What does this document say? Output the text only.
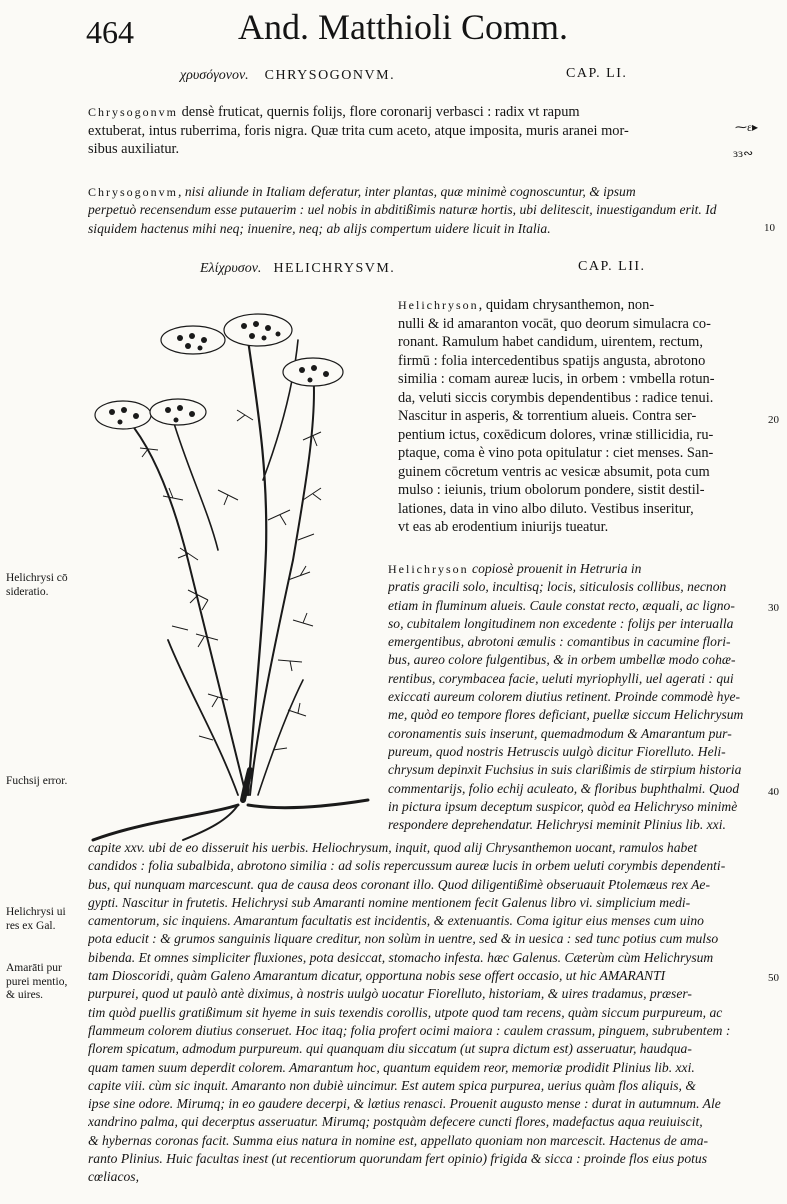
464	And. Matthioli Comm.
χρυσόγονον. CHRYSOGONVM.	CAP. LI.
Chrysogonvm densè fruticat, quernis folijs, flore coronarij verbasci : radix vt rapum
extuberat, intus ruberrima, foris nigra. Quæ trita cum aceto, atque imposita, muris aranei mor-
sibus auxiliatur.
⁓ɛ▸
ɜɜ∾
Chrysogonvm, nisi aliunde in Italiam deferatur, inter plantas, quæ minimè cognoscuntur, & ipsum
perpetuò recensendum esse putauerim : uel nobis in abditißimis naturæ hortis, ubi delitescit, inuestigandum erit. Id
siquidem hactenus mihi neq; inuenire, neq; ab alijs compertum uidere licuit in Italia.	10
Ελίχρυσον. HELICHRYSVM.	CAP. LII.
Helichryson, quidam chrysanthemon, non-
nulli & id amaranton vocāt, quo deorum simulacra co-
ronant. Ramulum habet candidum, uirentem, rectum,
firmū : folia intercedentibus spatijs angusta, abrotono
similia : comam aureæ lucis, in orbem : vmbella rotun-
da, veluti siccis corymbis dependentibus : radice tenui.
Nascitur in asperis, & torrentium alueis. Contra ser-
pentium ictus, coxēdicum dolores, vrinæ stillicidia, ru-
ptaque, coma è vino pota opitulatur : ciet menses. San-
guinem cōcretum ventris ac vesicæ absumit, pota cum
mulso : ieiunis, trium obolorum pondere, sistit destil-
lationes, data in vino albo diluto. Vestibus inseritur,
vt eas ab erodentium iniurijs tueatur.
20
Helichryson copiosè prouenit in Hetruria in
pratis gracili solo, incultisq; locis, siticulosis collibus, necnon
etiam in fluminum alueis. Caule constat recto, æquali, ac ligno-
so, cubitalem longitudinem non excedente : folijs per interualla
emergentibus, abrotoni æmulis : comantibus in cacumine flori-
bus, aureo colore fulgentibus, & in orbem umbellæ modo cohæ-
rentibus, corymbacea facie, ueluti myriophylli, uel agerati : qui
exiccati aureum colorem diutius retinent. Proinde commodè hye-
me, quòd eo tempore flores deficiant, puellæ siccum Helichrysum
coronamentis suis inserunt, quemadmodum & Amarantum pur-
pureum, quod nostris Hetruscis uulgò dicitur Fiorelluto. Heli-
chrysum depinxit Fuchsius in suis clarißimis de stirpium historia
commentarijs, folio echij aculeato, & floribus buphthalmi. Quod
in pictura ipsum deceptum suspicor, quòd ea Helichryso minimè
respondere deprehendatur. Helichrysi meminit Plinius lib. xxi.
30
40
capite xxv. ubi de eo disseruit his uerbis. Heliochrysum, inquit, quod alij Chrysanthemon uocant, ramulos habet
candidos : folia subalbida, abrotono similia : ad solis repercussum aureæ lucis in orbem ueluti corymbis dependenti-
bus, qui nunquam marcescunt. qua de causa deos coronant illo. Quod diligentißimè obseruauit Ptolemæus rex Ae-
gypti. Nascitur in frutetis. Helichrysi sub Amaranti nomine mentionem fecit Galenus libro vi. simplicium medi-
camentorum, sic inquiens. Amarantum facultatis est incidentis, & extenuantis. Coma igitur eius menses cum uino
pota educit : & grumos sanguinis liquare creditur, non solùm in uentre, sed & in uesica : sed tunc potius cum mulso
bibenda. Et omnes simpliciter fluxiones, pota desiccat, stomacho infesta. hæc Galenus. Cæterùm cùm Helichrysum
tam Dioscoridi, quàm Galeno Amarantum dicatur, opportuna nobis sese offert occasio, ut hic AMARANTI
purpurei, quod ut paulò antè diximus, à nostris uulgò uocatur Fiorelluto, historiam, & uires tradamus, præser-
tim quòd puellis gratißimum sit hyeme in suis texendis corollis, utpote quod tam recens, quàm siccum purpureum, ac
flammeum colorem diutius conseruet. Hoc itaq; folia profert ocimi maiora : caulem crassum, pinguem, subrubentem :
florem spicatum, admodum purpureum. qui quanquam diu siccatum (ut supra dictum est) asseruatur, haudqua-
quam tamen suum deperdit colorem. Amarantum hoc, quantum equidem reor, memoriæ prodidit Plinius lib. xxi.
capite viii. cùm sic inquit. Amaranto non dubiè uincimur. Est autem spica purpurea, uerius quàm flos aliquis, &
ipse sine odore. Mirumq; in eo gaudere decerpi, & lætius renasci. Prouenit augusto mense : durat in autumnum. Ale
xandrino palma, qui decerptus asseruatur. Mirumq; postquàm defecere cuncti flores, madefactus aqua reuiuiscit,
& hybernas coronas facit. Summa eius natura in nomine est, appellato quoniam non marcescit. Hactenus de ama-
ranto Plinius. Huic facultas inest (ut recentiorum quorundam fert opinio) frigida & sicca : proinde flos eius potus
cœliacos,
50
Helichrysi cō
sideratio.
Fuchsij error.
Helichrysi ui
res ex Gal.
Amarāti pur
purei mentio,
& uires.
